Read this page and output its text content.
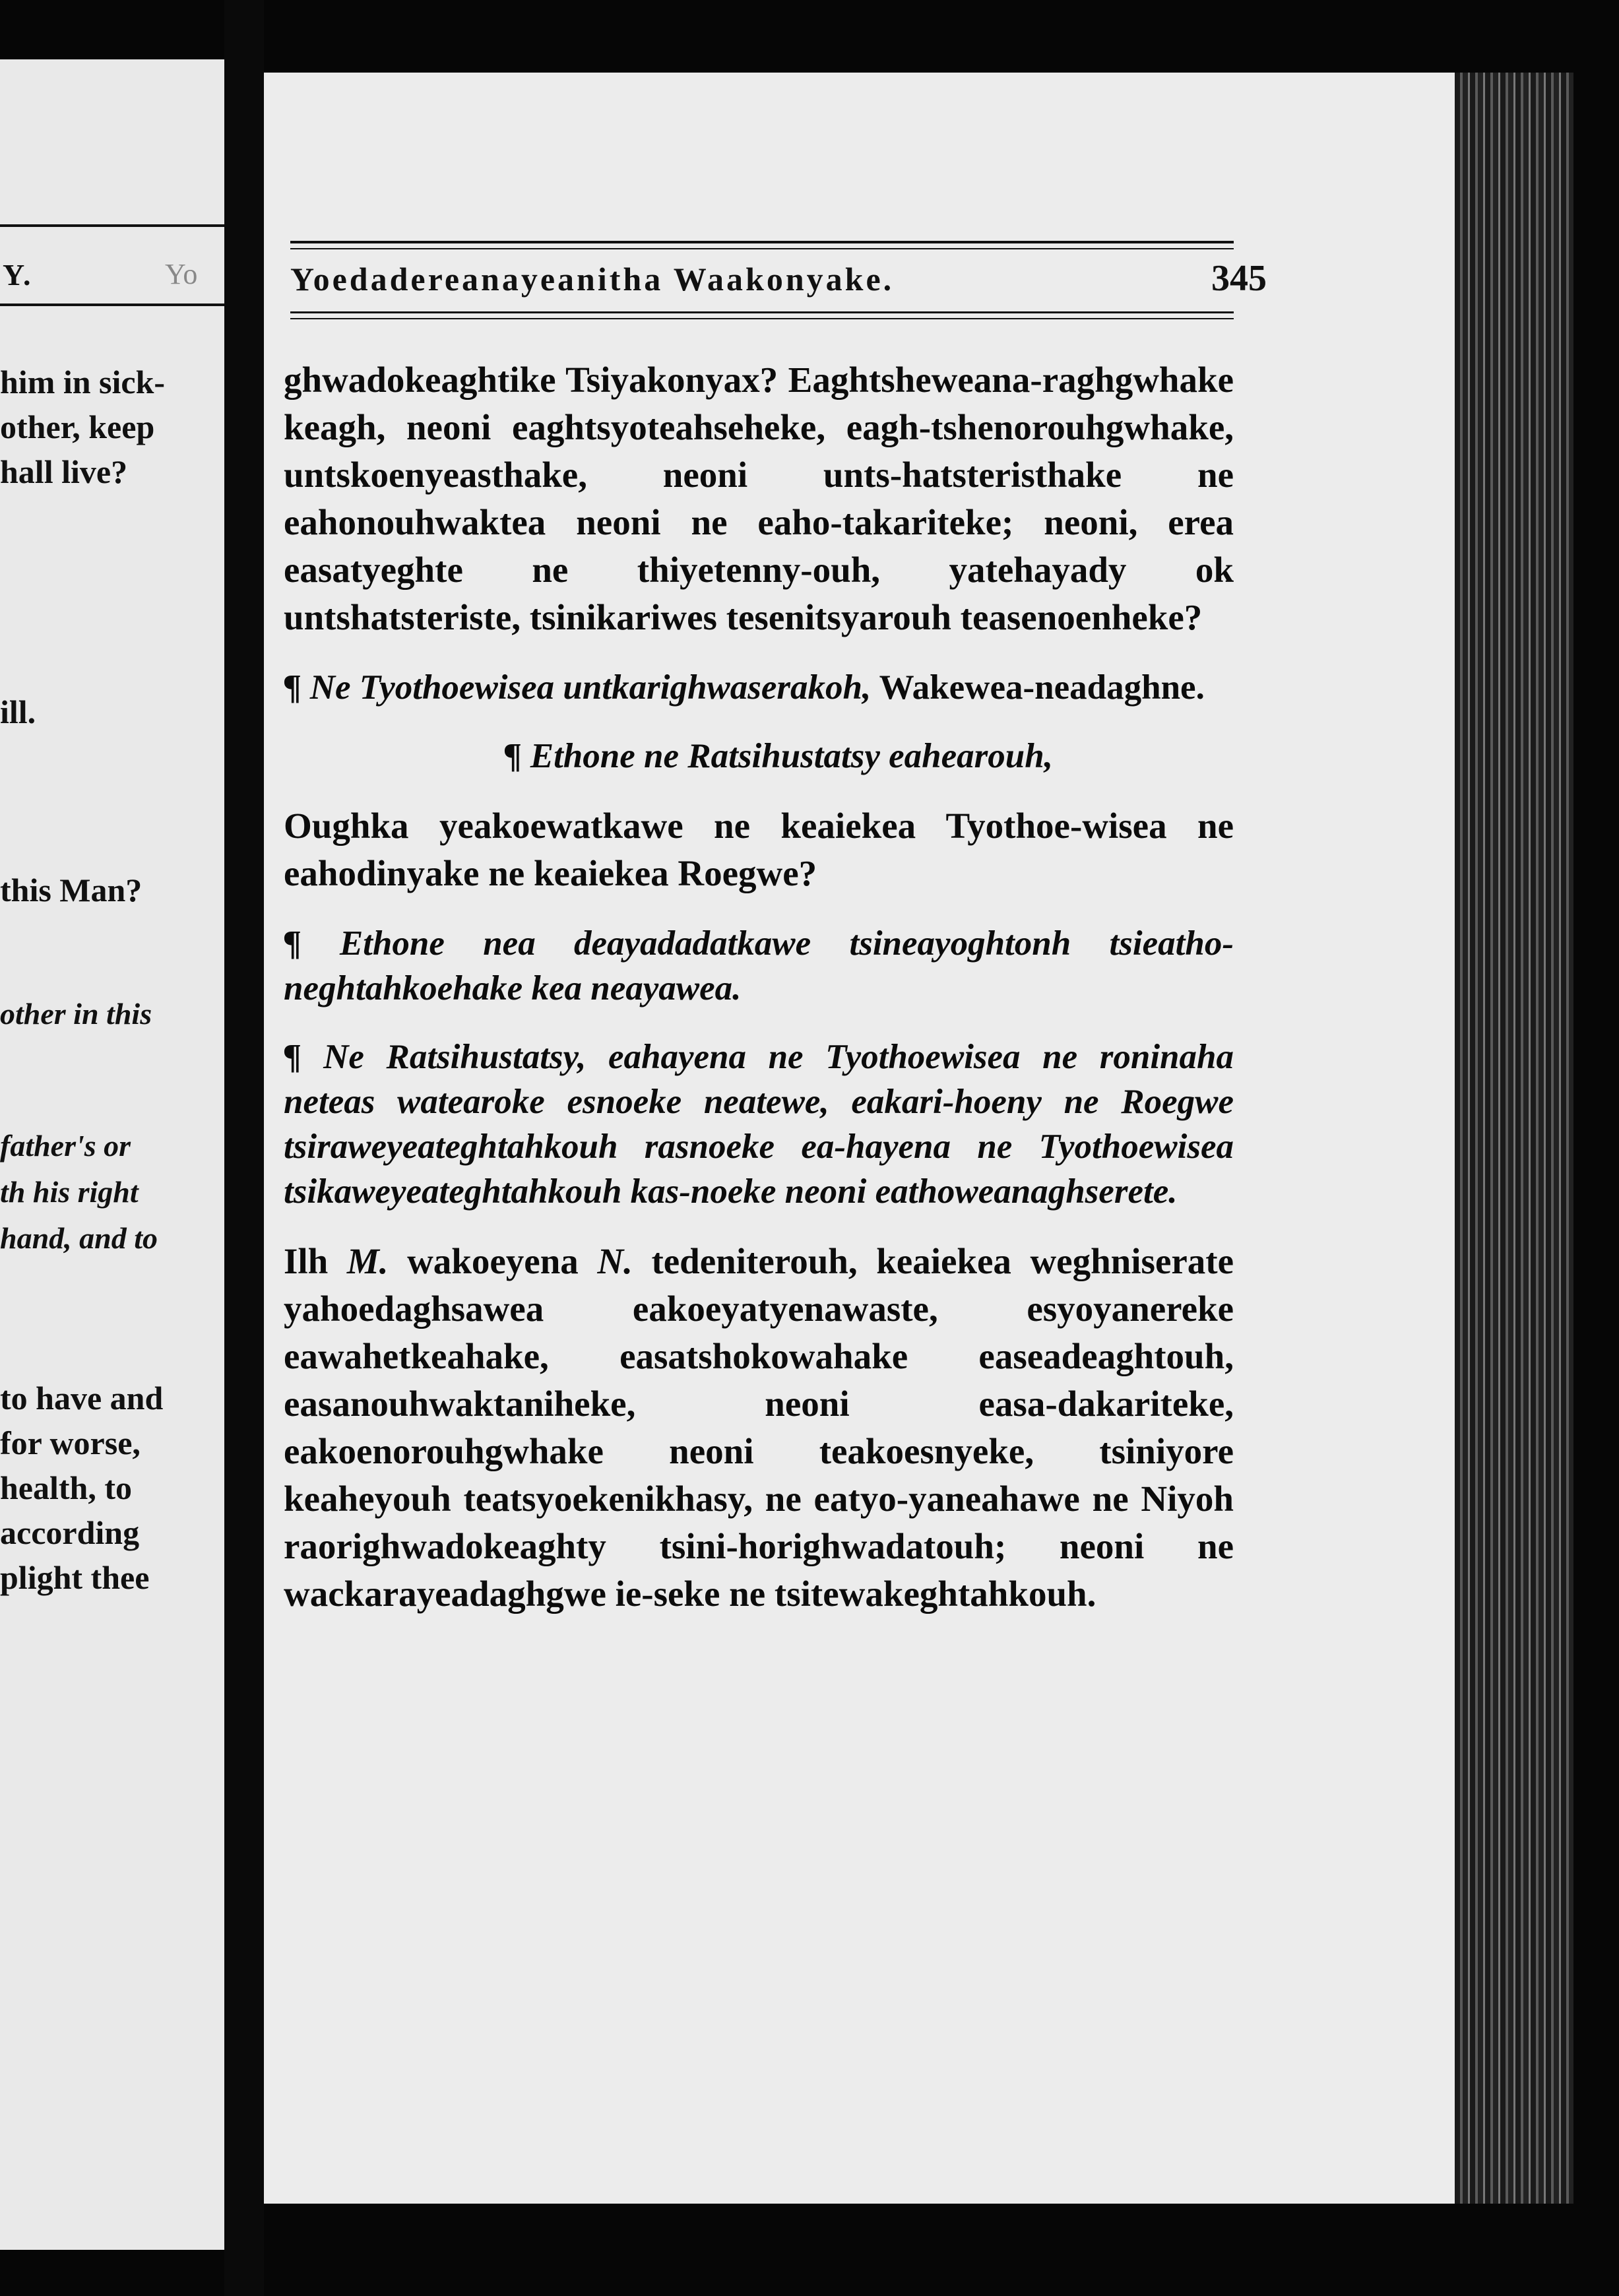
Y.	Yo
him in sick-
other, keep
hall live?
ill.
this Man?
other in this
father's or
th his right
hand, and to
to have and
for worse,
health, to
according
plight thee
Yoedadereanayeanitha Waakonyake.	345

ghwadokeaghtike Tsiyakonyax? Eaghtsheweana-raghgwhake keagh, neoni eaghtsyoteahseheke, eagh-tshenorouhgwhake, untskoenyeasthake, neoni unts-hatsteristhake ne eahonouhwaktea neoni ne eaho-takariteke; neoni, erea easatyeghte ne thiyetenny-ouh, yatehayady ok untshatsteriste, tsinikariwes tesenitsyarouh teasenoenheke?

¶ Ne Tyothoewisea untkarighwaserakoh, Wakewea-neadaghne.

¶ Ethone ne Ratsihustatsy eahearouh,

Oughka yeakoewatkawe ne keaiekea Tyothoe-wisea ne eahodinyake ne keaiekea Roegwe?

¶ Ethone nea deayadadatkawe tsineayoghtonh tsieatho-neghtahkoehake kea neayawea.

¶ Ne Ratsihustatsy, eahayena ne Tyothoewisea ne roninaha neteas watearoke esnoeke neatewe, eakari-hoeny ne Roegwe tsiraweyeateghtahkouh rasnoeke ea-hayena ne Tyothoewisea tsikaweyeateghtahkouh kas-noeke neoni eathoweanaghserete.

Ilh M. wakoeyena N. tedeniterouh, keaiekea weghniserate yahoedaghsawea eakoeyatyenawaste, esyoyanereke eawahetkeahake, easatshokowahake easeadeaghtouh, easanouhwaktaniheke, neoni easa-dakariteke, eakoenorouhgwhake neoni teakoesnyeke, tsiniyore keaheyouh teatsyoekenikhasy, ne eatyo-yaneahawe ne Niyoh raorighwadokeaghty tsini-horighwadatouh; neoni ne wackarayeadaghgwe ie-seke ne tsitewakeghtahkouh.
